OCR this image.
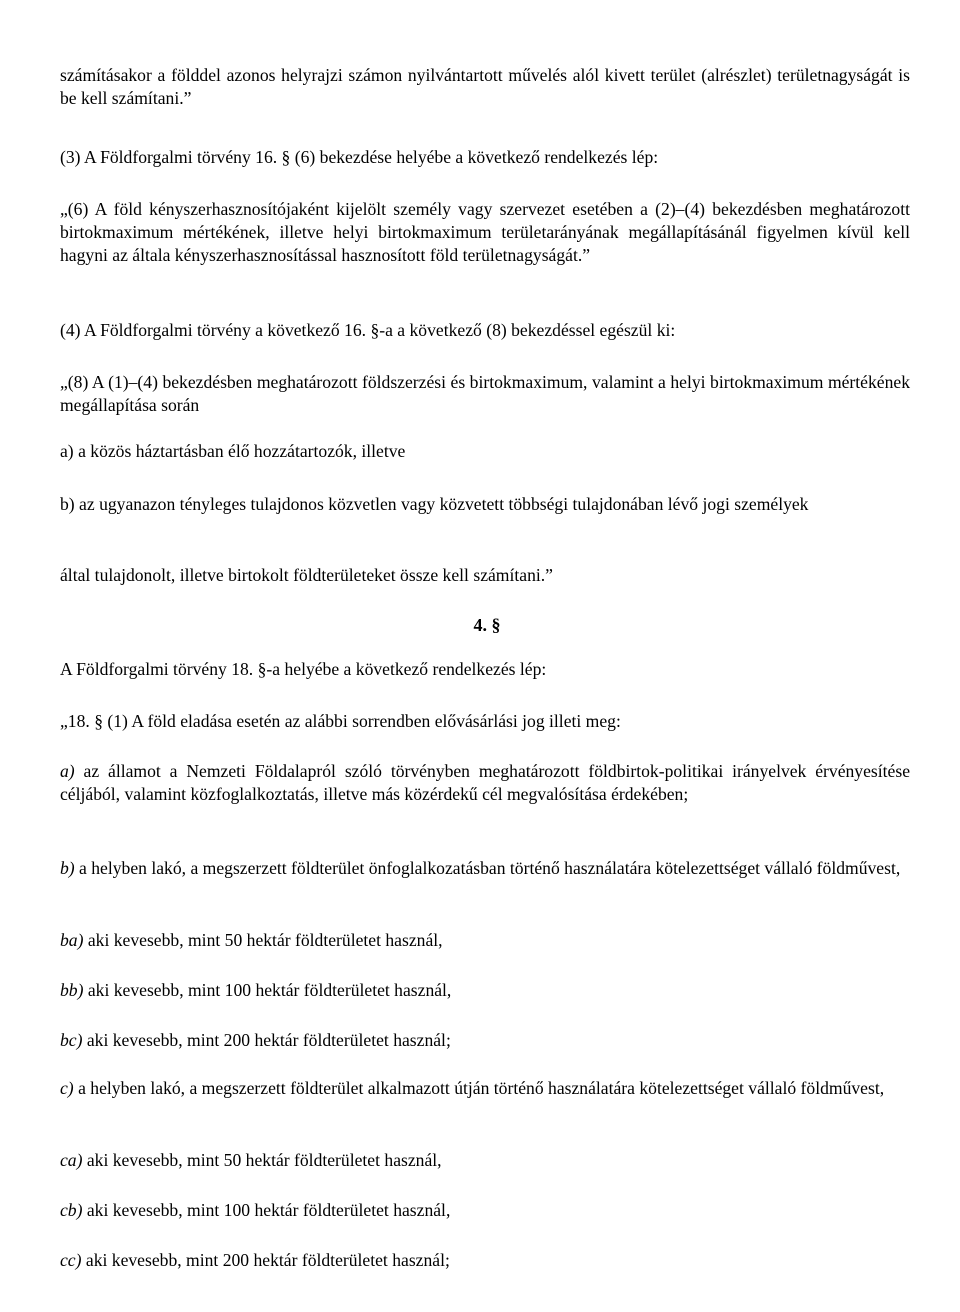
számításakor a földdel azonos helyrajzi számon nyilvántartott művelés alól kivett terület (alrészlet) területnagyságát is be kell számítani.”

(3) A Földforgalmi törvény 16. § (6) bekezdése helyébe a következő rendelkezés lép:

„(6) A föld kényszerhasznosítójaként kijelölt személy vagy szervezet esetében a (2)–(4) bekezdésben meghatározott birtokmaximum mértékének, illetve helyi birtokmaximum területarányának megállapításánál figyelmen kívül kell hagyni az általa kényszerhasznosítással hasznosított föld területnagyságát.”

(4) A Földforgalmi törvény a következő 16. §-a a következő (8) bekezdéssel egészül ki:

„(8) A (1)–(4) bekezdésben meghatározott földszerzési és birtokmaximum, valamint a helyi birtokmaximum mértékének megállapítása során

a) a közös háztartásban élő hozzátartozók, illetve

b) az ugyanazon tényleges tulajdonos közvetlen vagy közvetett többségi tulajdonában lévő jogi személyek

által tulajdonolt, illetve birtokolt földterületeket össze kell számítani.”

4. §

A Földforgalmi törvény 18. §-a helyébe a következő rendelkezés lép:

„18. § (1) A föld eladása esetén az alábbi sorrendben elővásárlási jog illeti meg:

a) az államot a Nemzeti Földalapról szóló törvényben meghatározott földbirtok-politikai irányelvek érvényesítése céljából, valamint közfoglalkoztatás, illetve más közérdekű cél megvalósítása érdekében;

b) a helyben lakó, a megszerzett földterület önfoglalkozatásban történő használatára kötelezettséget vállaló földművest,

ba) aki kevesebb, mint 50 hektár földterületet használ,

bb) aki kevesebb, mint 100 hektár földterületet használ,

bc) aki kevesebb, mint 200 hektár földterületet használ;

c) a helyben lakó, a megszerzett földterület alkalmazott útján történő használatára kötelezettséget vállaló földművest,

ca) aki kevesebb, mint 50 hektár földterületet használ,

cb) aki kevesebb, mint 100 hektár földterületet használ,

cc) aki kevesebb, mint 200 hektár földterületet használ;
